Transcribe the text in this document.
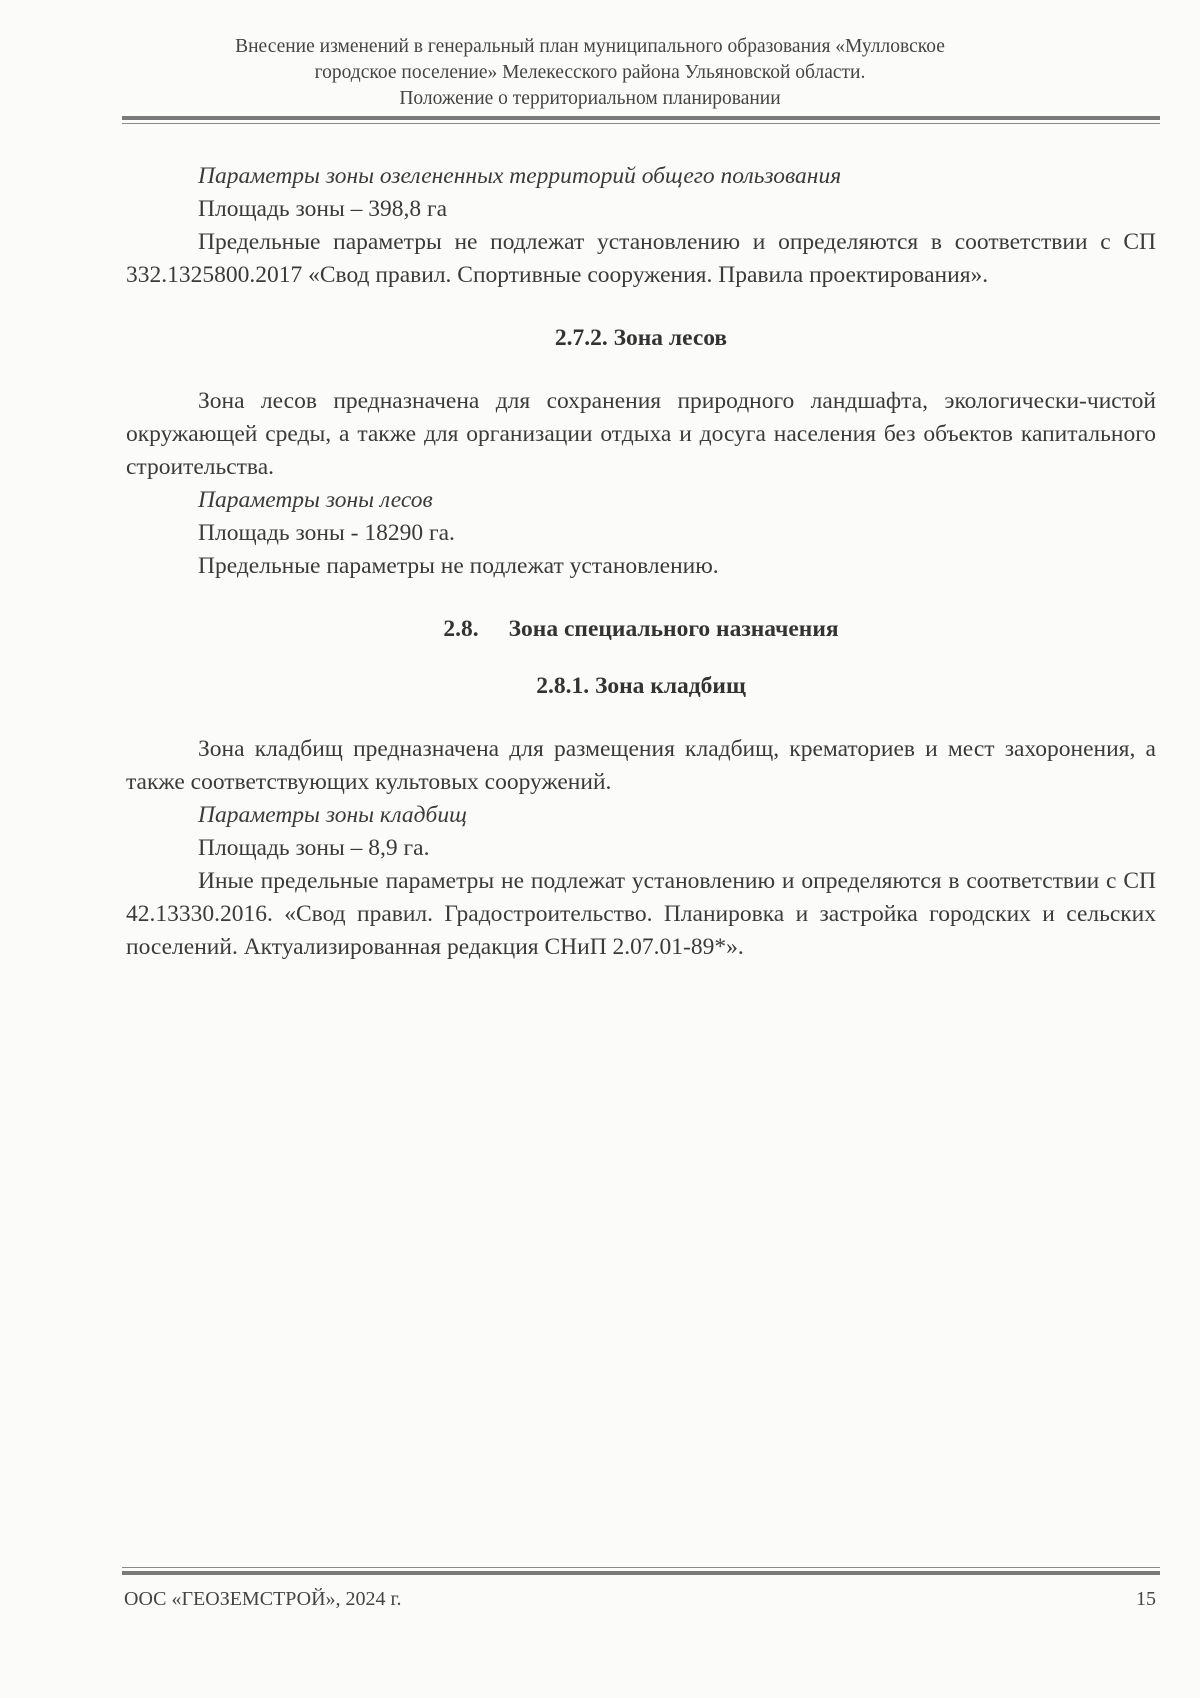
Внесение изменений в генеральный план муниципального образования «Мулловское
городское поселение» Мелекесского района Ульяновской области.
Положение о территориальном планировании

Параметры зоны озелененных территорий общего пользования

Площадь зоны – 398,8 га

Предельные параметры не подлежат установлению и определяются в соответствии с СП 332.1325800.2017 «Свод правил. Спортивные сооружения. Правила проектирования».

2.7.2. Зона лесов

Зона лесов предназначена для сохранения природного ландшафта, экологически-чистой окружающей среды, а также для организации отдыха и досуга населения без объектов капитального строительства.

Параметры зоны лесов

Площадь зоны - 18290 га.

Предельные параметры не подлежат установлению.

2.8. Зона специального назначения

2.8.1. Зона кладбищ

Зона кладбищ предназначена для размещения кладбищ, крематориев и мест захоронения, а также соответствующих культовых сооружений.

Параметры зоны кладбищ

Площадь зоны – 8,9 га.

Иные предельные параметры не подлежат установлению и определяются в соответствии с СП 42.13330.2016. «Свод правил. Градостроительство. Планировка и застройка городских и сельских поселений. Актуализированная редакция СНиП 2.07.01-89*».

ООС «ГЕОЗЕМСТРОЙ», 2024 г.	15
